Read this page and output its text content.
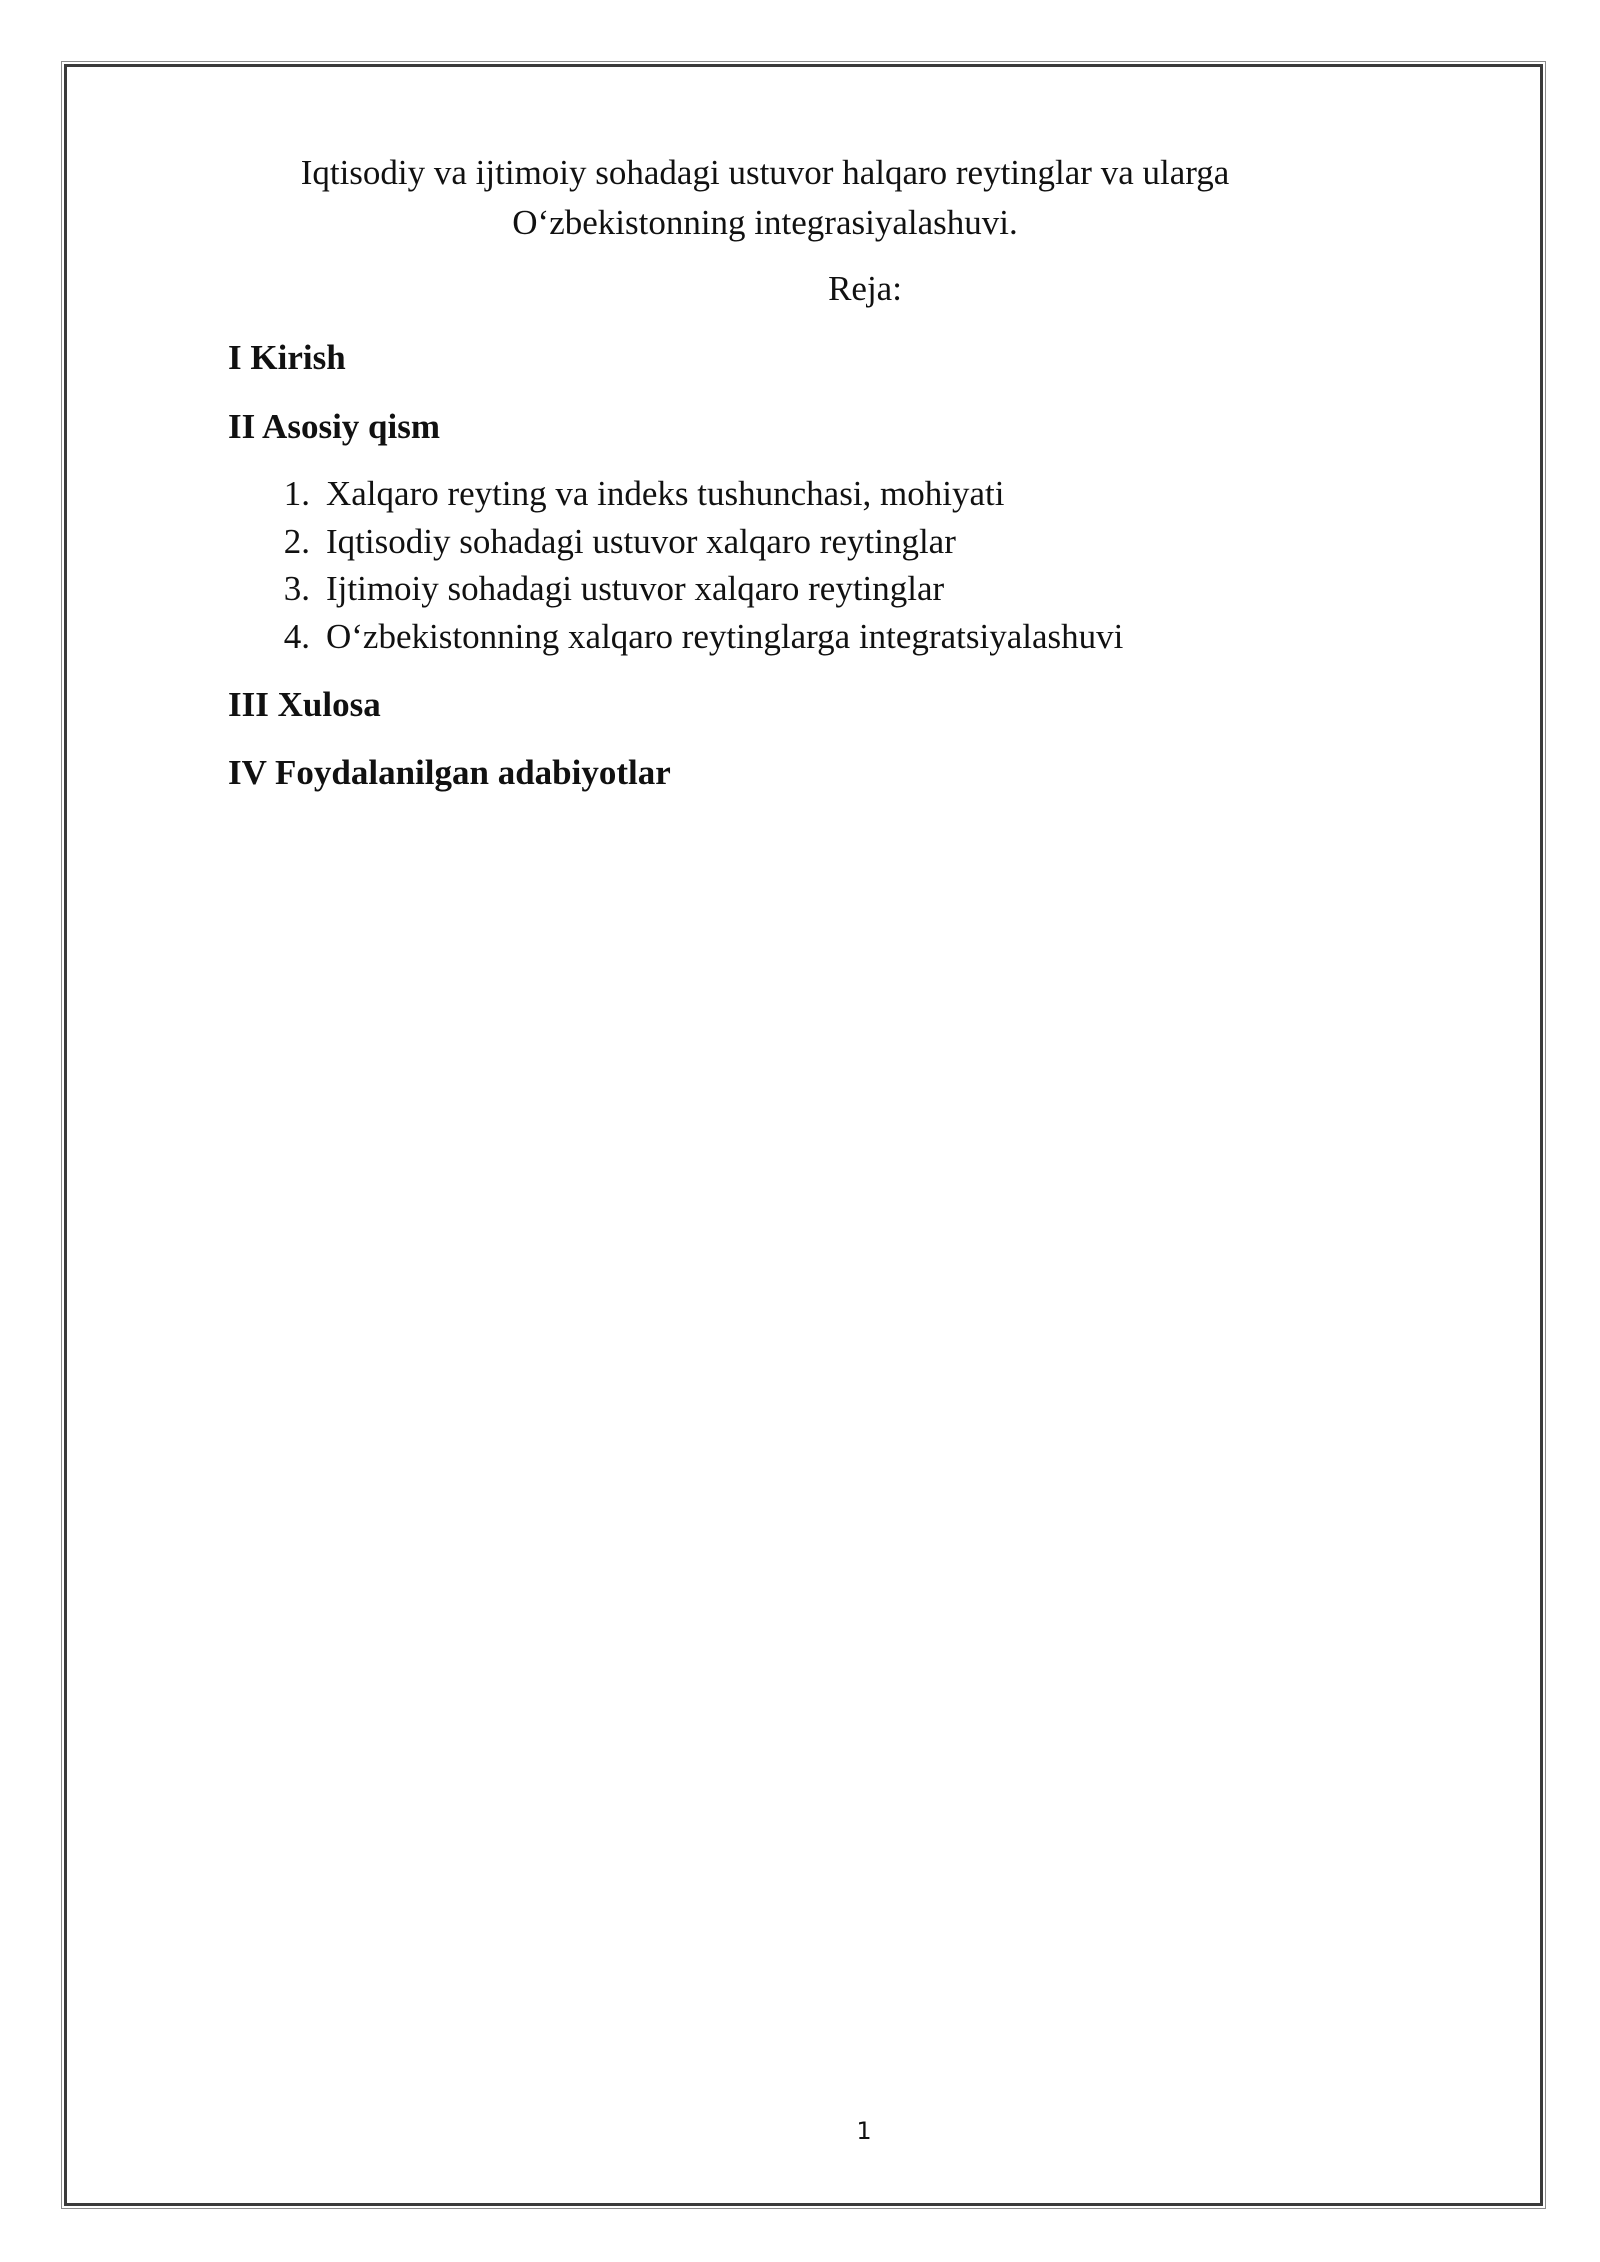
Iqtisodiy va ijtimoiy sohadagi ustuvor halqaro reytinglar va ularga O‘zbekistonning integrasiyalashuvi.

Reja:

I Kirish

II Asosiy qism

1. Xalqaro reyting va indeks tushunchasi, mohiyati
2. Iqtisodiy sohadagi ustuvor xalqaro reytinglar
3. Ijtimoiy sohadagi ustuvor xalqaro reytinglar
4. O‘zbekistonning xalqaro reytinglarga integratsiyalashuvi

III Xulosa

IV Foydalanilgan adabiyotlar

1
